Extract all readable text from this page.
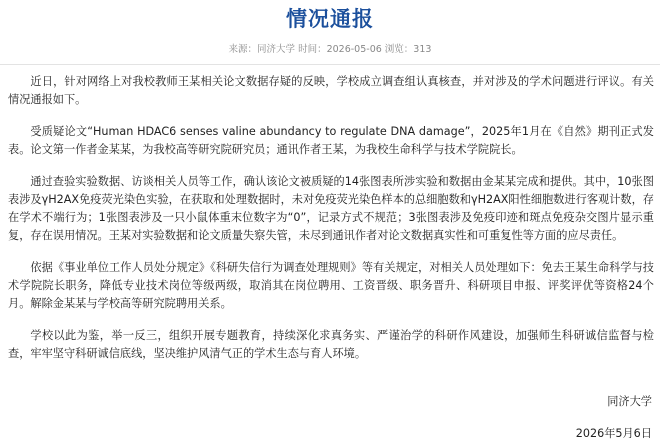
情况通报
来源：同济大学 时间：2026-05-06 浏览：313

近日，针对网络上对我校教师王某相关论文数据存疑的反映，学校成立调查组认真核查，并对涉及的学术问题进行评议。有关情况通报如下。

受质疑论文“Human HDAC6 senses valine abundancy to regulate DNA damage”，2025年1月在《自然》期刊正式发表。论文第一作者金某某，为我校高等研究院研究员；通讯作者王某，为我校生命科学与技术学院院长。

通过查验实验数据、访谈相关人员等工作，确认该论文被质疑的14张图表所涉实验和数据由金某某完成和提供。其中，10张图表涉及γH2AX免疫荧光染色实验，在获取和处理数据时，未对免疫荧光染色样本的总细胞数和γH2AX阳性细胞数进行客观计数，存在学术不端行为；1张图表涉及一只小鼠体重末位数字为“0”，记录方式不规范；3张图表涉及免疫印迹和斑点免疫杂交图片显示重复，存在误用情况。王某对实验数据和论文质量失察失管，未尽到通讯作者对论文数据真实性和可重复性等方面的应尽责任。

依据《事业单位工作人员处分规定》《科研失信行为调查处理规则》等有关规定，对相关人员处理如下：免去王某生命科学与技术学院院长职务，降低专业技术岗位等级两级，取消其在岗位聘用、工资晋级、职务晋升、科研项目申报、评奖评优等资格24个月。解除金某某与学校高等研究院聘用关系。

学校以此为鉴，举一反三，组织开展专题教育，持续深化求真务实、严谨治学的科研作风建设，加强师生科研诚信监督与检查，牢牢坚守科研诚信底线，坚决维护风清气正的学术生态与育人环境。

同济大学
2026年5月6日
